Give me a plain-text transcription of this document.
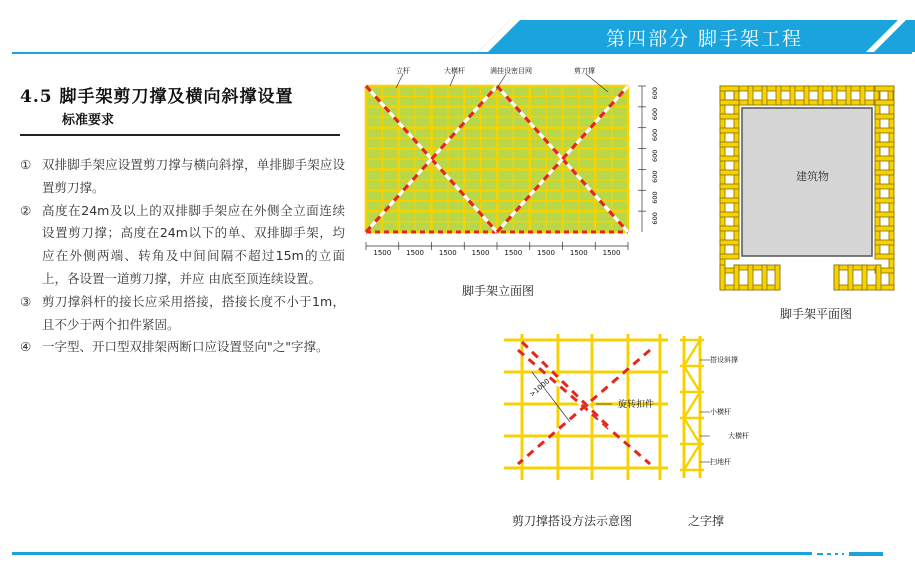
第四部分 脚手架工程
4.5 脚手架剪刀撑及横向斜撑设置
标准要求
① 双排脚手架应设置剪刀撑与横向斜撑，单排脚手架应设置剪刀撑。
② 高度在24m及以上的双排脚手架应在外侧全立面连续设置剪刀撑；高度在24m以下的单、双排脚手架，均应在外侧两端、转角及中间间隔不超过15m的立面上，各设置一道剪刀撑，并应 由底至顶连续设置。
③ 剪刀撑斜杆的接长应采用搭接，搭接长度不小于1m，且不少于两个扣件紧固。
④ 一字型、开口型双排架两断口应设置竖向"之"字撑。
立杆	大横杆	满挂设密目网	剪刀撑
1500 1500 1500 1500 1500 1500 1500 1500
600
600
600
600
600
600
600
脚手架立面图
建筑物
脚手架平面图
>1000
旋转扣件
剪刀撑搭设方法示意图
搭设斜撑
小横杆
大横杆
扫地杆
之字撑
